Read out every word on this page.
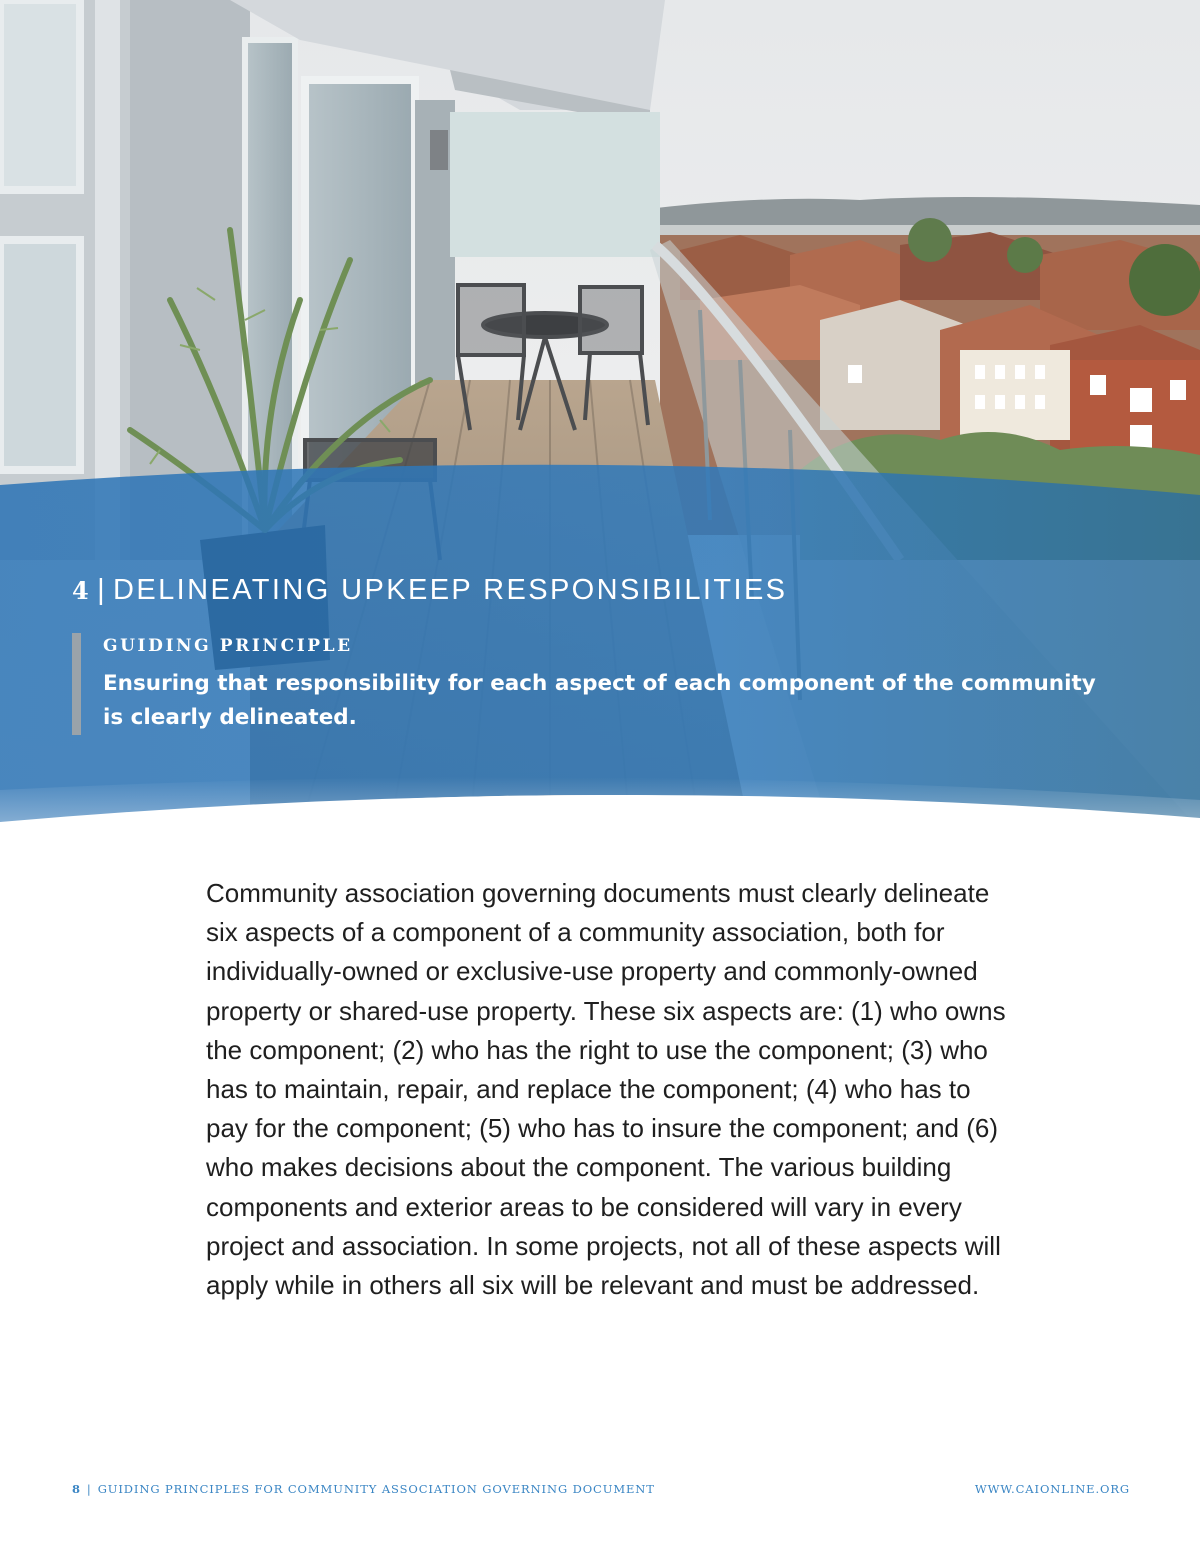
4 | DELINEATING UPKEEP RESPONSIBILITIES
GUIDING PRINCIPLE
Ensuring that responsibility for each aspect of each component of the community is clearly delineated.

Community association governing documents must clearly delineate six aspects of a component of a community association, both for individually-owned or exclusive-use property and commonly-owned property or shared-use property. These six aspects are: (1) who owns the component; (2) who has the right to use the component; (3) who has to maintain, repair, and replace the component; (4) who has to pay for the component; (5) who has to insure the component; and (6) who makes decisions about the component. The various building components and exterior areas to be considered will vary in every project and association. In some projects, not all of these aspects will apply while in others all six will be relevant and must be addressed.

8 | GUIDING PRINCIPLES FOR COMMUNITY ASSOCIATION GOVERNING DOCUMENT	WWW.CAIONLINE.ORG
